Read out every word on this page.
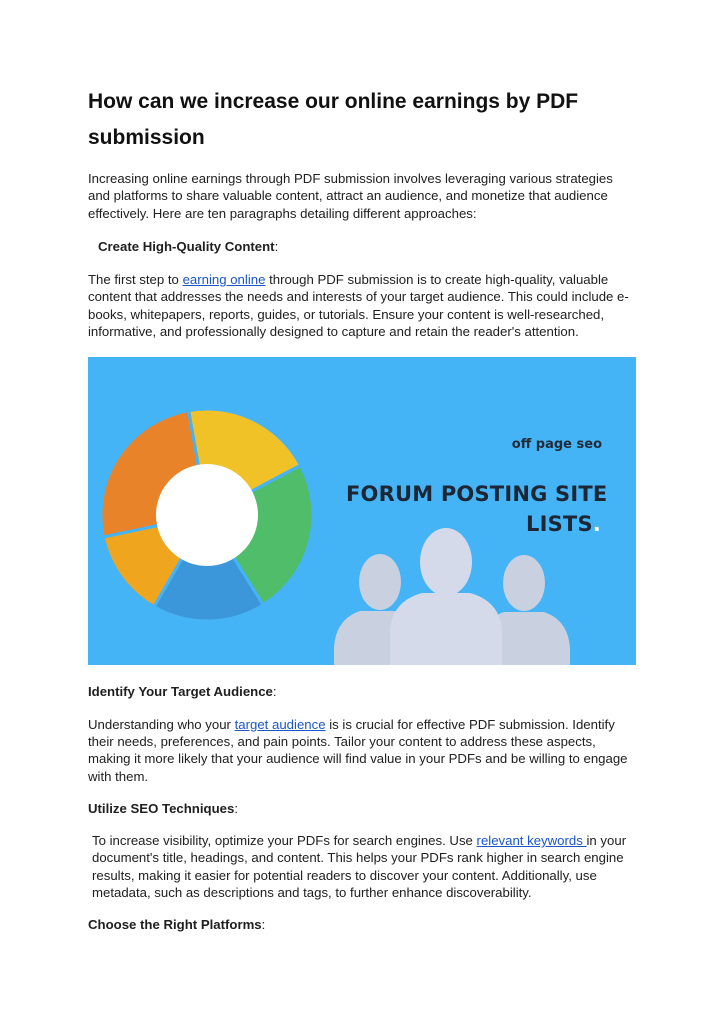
How can we increase our online earnings by PDF submission

Increasing online earnings through PDF submission involves leveraging various strategies and platforms to share valuable content, attract an audience, and monetize that audience effectively. Here are ten paragraphs detailing different approaches:

Create High-Quality Content:

The first step to earning online through PDF submission is to create high-quality, valuable content that addresses the needs and interests of your target audience. This could include e-books, whitepapers, reports, guides, or tutorials. Ensure your content is well-researched, informative, and professionally designed to capture and retain the reader's attention.

off page seo
FORUM POSTING SITE
LISTS.

Identify Your Target Audience:

Understanding who your target audience is is crucial for effective PDF submission. Identify their needs, preferences, and pain points. Tailor your content to address these aspects, making it more likely that your audience will find value in your PDFs and be willing to engage with them.

Utilize SEO Techniques:

To increase visibility, optimize your PDFs for search engines. Use relevant keywords in your document's title, headings, and content. This helps your PDFs rank higher in search engine results, making it easier for potential readers to discover your content. Additionally, use metadata, such as descriptions and tags, to further enhance discoverability.

Choose the Right Platforms:
